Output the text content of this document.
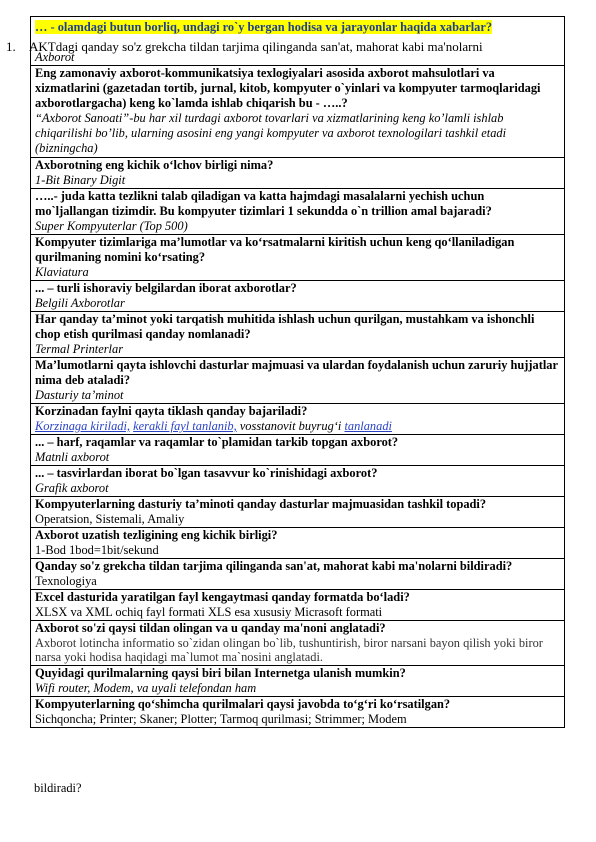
… - olamdagi butun borliq, undagi ro`y bergan hodisa va jarayonlar haqida xabarlar?
Axborot
Eng zamonaviy axborot-kommunikatsiya texlogiyalari asosida axborot mahsulotlari va xizmatlarini (gazetadan tortib, jurnal, kitob, kompyuter o`yinlari va kompyuter tarmoqlaridagi axborotlargacha) keng ko`lamda ishlab chiqarish bu - …..?
“Axborot Sanoati”-bu har xil turdagi axborot tovarlari va xizmatlarining keng ko’lamli ishlab chiqarilishi bo’lib, ularning asosini eng yangi kompyuter va axborot texnologilari tashkil etadi (bizningcha)
Axborotning eng kichik o‘lchov birligi nima?
1-Bit Binary Digit
…..- juda katta tezlikni talab qiladigan va katta hajmdagi masalalarni yechish uchun mo`ljallangan tizimdir. Bu kompyuter tizimlari 1 sekundda o`n trillion amal bajaradi?
Super Kompyuterlar (Top 500)
Kompyuter tizimlariga ma’lumotlar va ko‘rsatmalarni kiritish uchun keng qo‘llaniladigan qurilmaning nomini ko‘rsating?
Klaviatura
... – turli ishoraviy belgilardan iborat axborotlar?
Belgili Axborotlar
Har qanday ta’minot yoki tarqatish muhitida ishlash uchun qurilgan, mustahkam va ishonchli chop etish qurilmasi qanday nomlanadi?
Termal Printerlar
Ma’lumotlarni qayta ishlovchi dasturlar majmuasi va ulardan foydalanish uchun zaruriy hujjatlar nima deb ataladi?
Dasturiy ta’minot
Korzinadan faylni qayta tiklash qanday bajariladi?
Korzinaga kiriladi, kerakli fayl tanlanib, vosstanovit buyrug‘i tanlanadi
... – harf, raqamlar va raqamlar to`plamidan tarkib topgan axborot?
Matnli axborot
... – tasvirlardan iborat bo`lgan tasavvur ko`rinishidagi axborot?
Grafik axborot
Kompyuterlarning dasturiy ta’minoti qanday dasturlar majmuasidan tashkil topadi?
Operatsion, Sistemali, Amaliy
Axborot uzatish tezligining eng kichik birligi?
1-Bod 1bod=1bit/sekund
Qanday so'z grekcha tildan tarjima qilinganda san'at, mahorat kabi ma'nolarni bildiradi?
Texnologiya
Excel dasturida yaratilgan fayl kengaytmasi qanday formatda bo‘ladi?
XLSX va XML ochiq fayl formati XLS esa xususiy Micrasoft formati
Axborot so'zi qaysi tildan olingan va u qanday ma'noni anglatadi?
Axborot lotincha informatio so`zidan olingan bo`lib, tushuntirish, biror narsani bayon qilish yoki biror narsa yoki hodisa haqidagi ma`lumot ma`nosini anglatadi.
Quyidagi qurilmalarning qaysi biri bilan Internetga ulanish mumkin?
Wifi router, Modem, va uyali telefondan ham
Kompyuterlarning qo‘shimcha qurilmalari qaysi javobda to‘g‘ri ko‘rsatilgan?
Sichqoncha; Printer; Skaner; Plotter; Tarmoq qurilmasi; Strimmer; Modem
1. AKTdagi qanday so'z grekcha tildan tarjima qilinganda san'at, mahorat kabi ma'nolarni
bildiradi?
